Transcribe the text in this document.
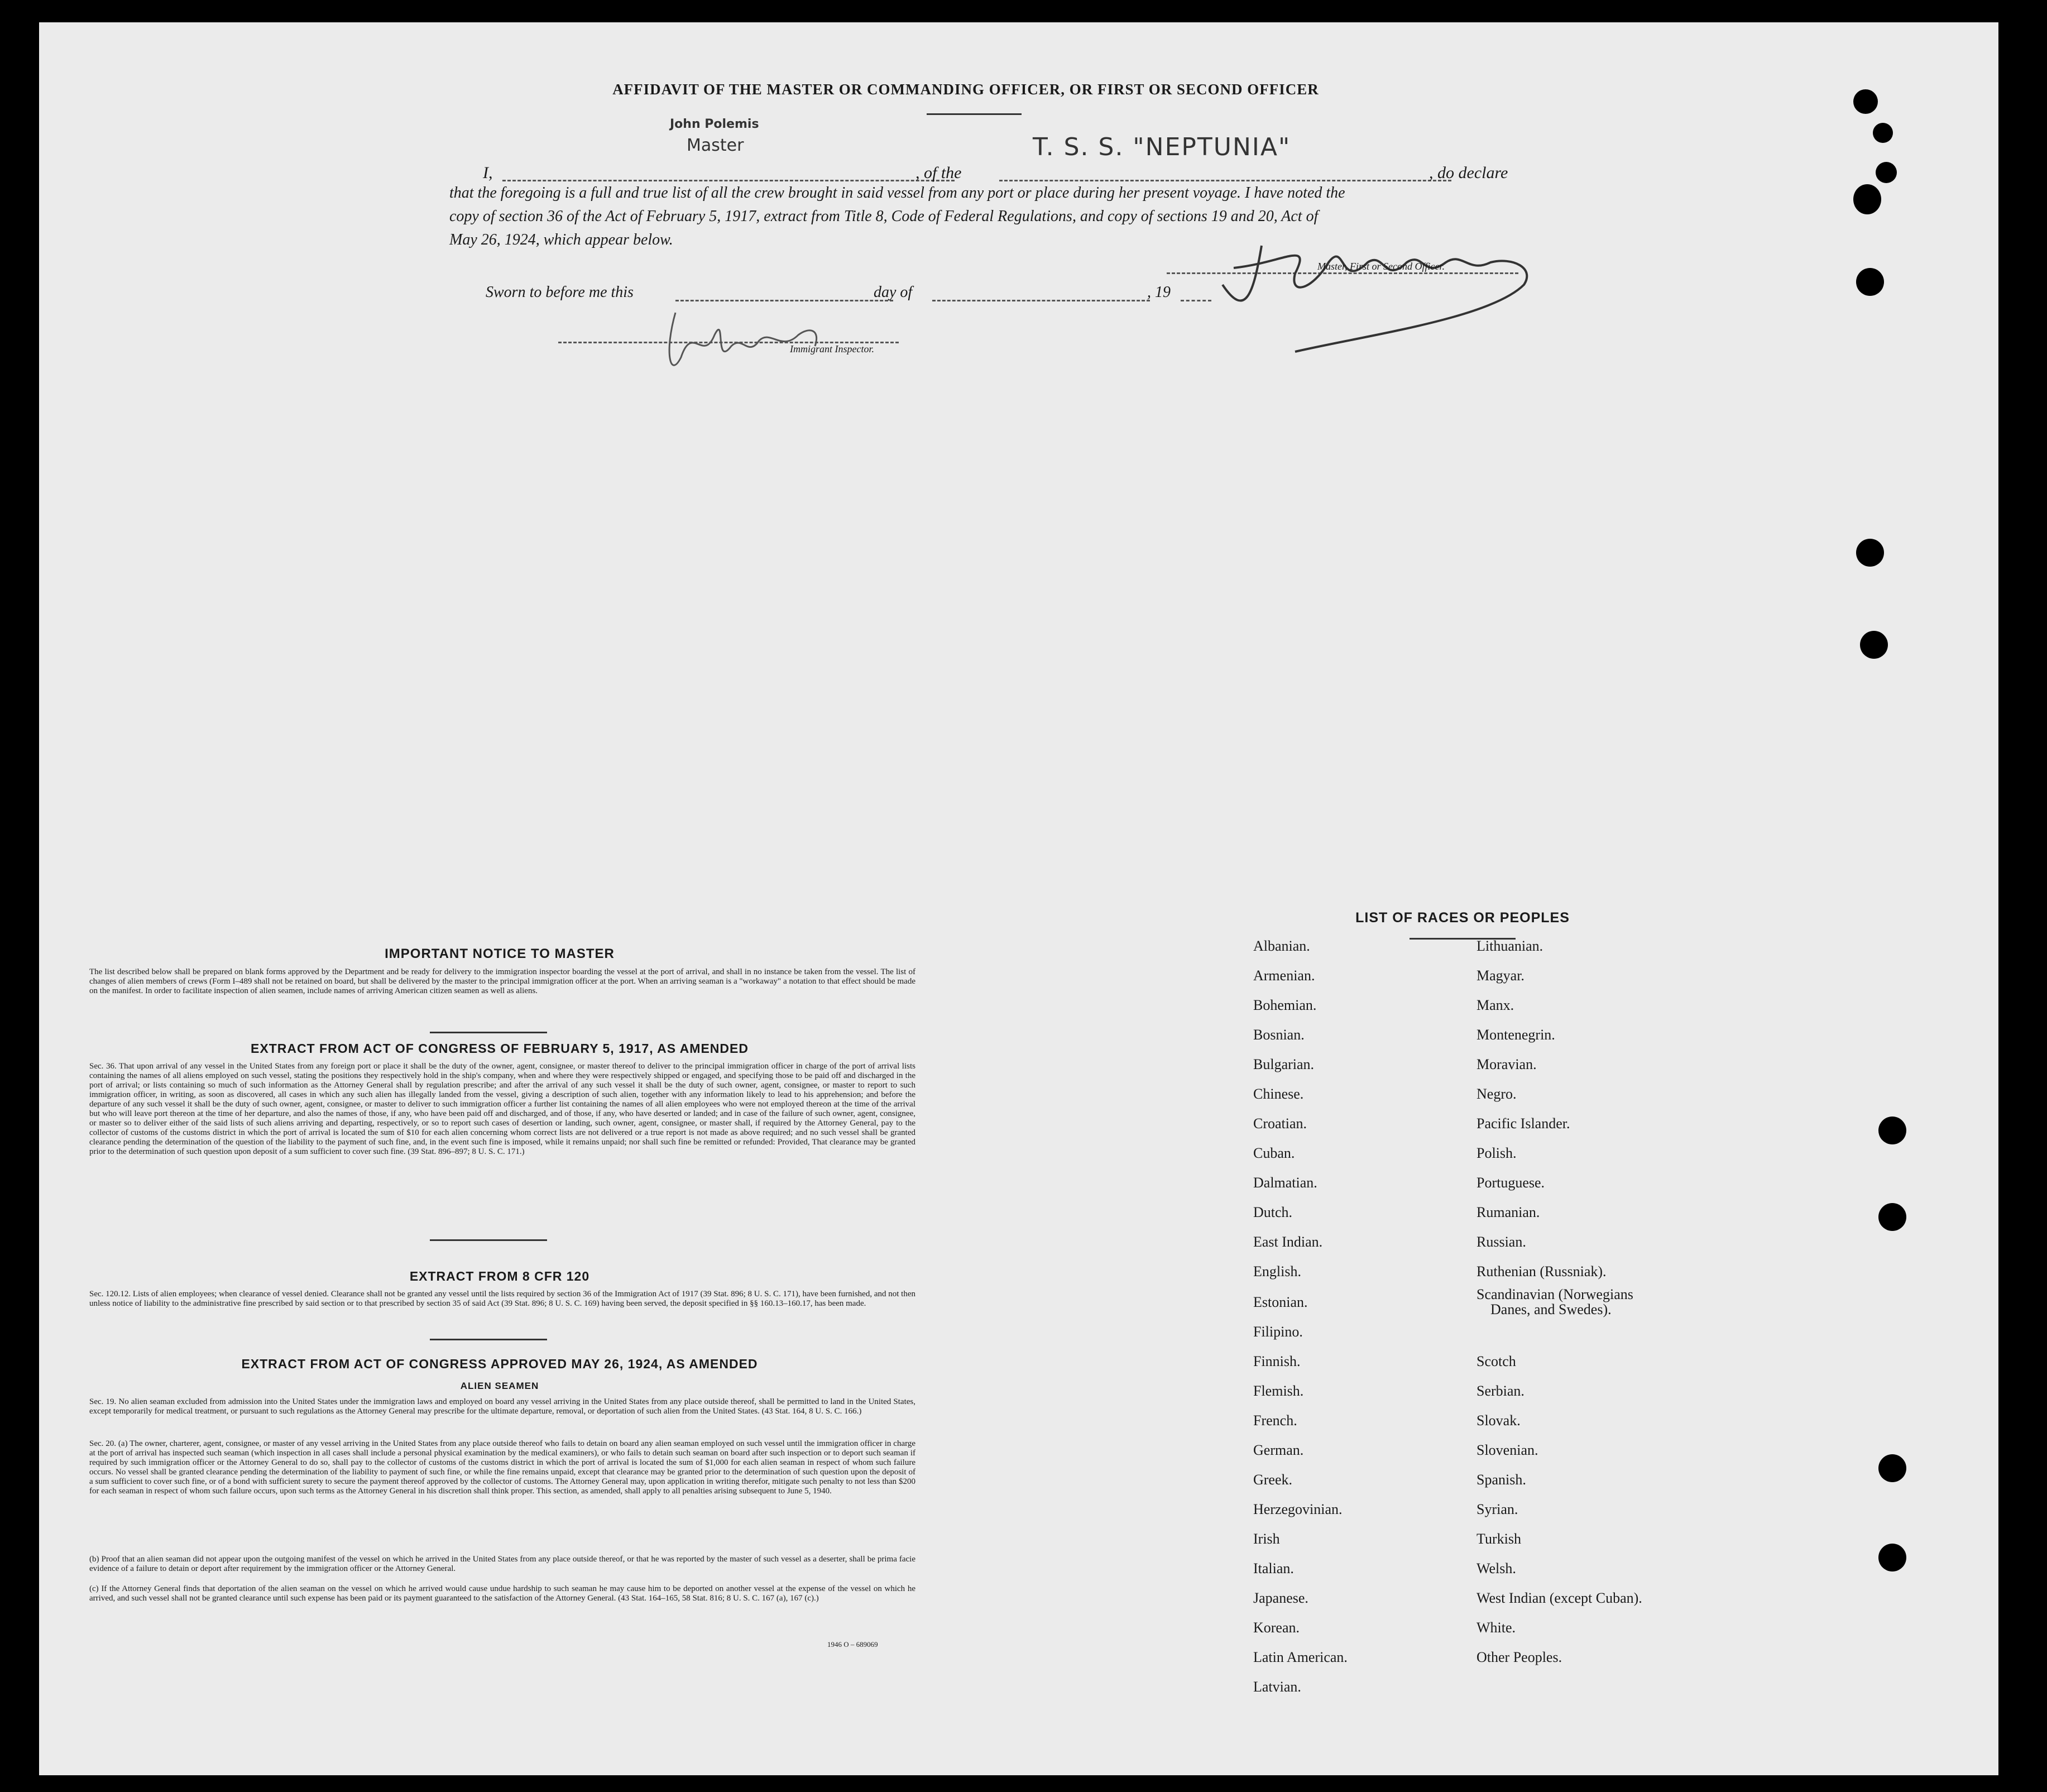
AFFIDAVIT OF THE MASTER OR COMMANDING OFFICER, OR FIRST OR SECOND OFFICER
I,
John Polemis
Master
, of the
T. S. S. "NEPTUNIA"
, do declare
that the foregoing is a full and true list of all the crew brought in said vessel from any port or place during her present voyage. I have noted the
copy of section 36 of the Act of February 5, 1917, extract from Title 8, Code of Federal Regulations, and copy of sections 19 and 20, Act of
May 26, 1924, which appear below.
Master, First or Second Officer.
Sworn to before me this	day of	, 19
Immigrant Inspector.
IMPORTANT NOTICE TO MASTER
The list described below shall be prepared on blank forms approved by the Department and be ready for delivery to the immigration inspector boarding the vessel at the port of arrival, and shall in no instance be taken from the vessel. The list of changes of alien members of crews (Form I–489 shall not be retained on board, but shall be delivered by the master to the principal immigration officer at the port. When an arriving seaman is a "workaway" a notation to that effect should be made on the manifest. In order to facilitate inspection of alien seamen, include names of arriving American citizen seamen as well as aliens.
EXTRACT FROM ACT OF CONGRESS OF FEBRUARY 5, 1917, AS AMENDED
Sec. 36. That upon arrival of any vessel in the United States from any foreign port or place it shall be the duty of the owner, agent, consignee, or master thereof to deliver to the principal immigration officer in charge of the port of arrival lists containing the names of all aliens employed on such vessel, stating the positions they respectively hold in the ship's company, when and where they were respectively shipped or engaged, and specifying those to be paid off and discharged in the port of arrival; or lists containing so much of such information as the Attorney General shall by regulation prescribe; and after the arrival of any such vessel it shall be the duty of such owner, agent, consignee, or master to report to such immigration officer, in writing, as soon as discovered, all cases in which any such alien has illegally landed from the vessel, giving a description of such alien, together with any information likely to lead to his apprehension; and before the departure of any such vessel it shall be the duty of such owner, agent, consignee, or master to deliver to such immigration officer a further list containing the names of all alien employees who were not employed thereon at the time of the arrival but who will leave port thereon at the time of her departure, and also the names of those, if any, who have been paid off and discharged, and of those, if any, who have deserted or landed; and in case of the failure of such owner, agent, consignee, or master so to deliver either of the said lists of such aliens arriving and departing, respectively, or so to report such cases of desertion or landing, such owner, agent, consignee, or master shall, if required by the Attorney General, pay to the collector of customs of the customs district in which the port of arrival is located the sum of $10 for each alien concerning whom correct lists are not delivered or a true report is not made as above required; and no such vessel shall be granted clearance pending the determination of the question of the liability to the payment of such fine, and, in the event such fine is imposed, while it remains unpaid; nor shall such fine be remitted or refunded: Provided, That clearance may be granted prior to the determination of such question upon deposit of a sum sufficient to cover such fine. (39 Stat. 896–897; 8 U. S. C. 171.)
EXTRACT FROM 8 CFR 120
Sec. 120.12. Lists of alien employees; when clearance of vessel denied. Clearance shall not be granted any vessel until the lists required by section 36 of the Immigration Act of 1917 (39 Stat. 896; 8 U. S. C. 171), have been furnished, and not then unless notice of liability to the administrative fine prescribed by said section or to that prescribed by section 35 of said Act (39 Stat. 896; 8 U. S. C. 169) having been served, the deposit specified in §§ 160.13–160.17, has been made.
EXTRACT FROM ACT OF CONGRESS APPROVED MAY 26, 1924, AS AMENDED
ALIEN SEAMEN
Sec. 19. No alien seaman excluded from admission into the United States under the immigration laws and employed on board any vessel arriving in the United States from any place outside thereof, shall be permitted to land in the United States, except temporarily for medical treatment, or pursuant to such regulations as the Attorney General may prescribe for the ultimate departure, removal, or deportation of such alien from the United States. (43 Stat. 164, 8 U. S. C. 166.)
Sec. 20. (a) The owner, charterer, agent, consignee, or master of any vessel arriving in the United States from any place outside thereof who fails to detain on board any alien seaman employed on such vessel until the immigration officer in charge at the port of arrival has inspected such seaman (which inspection in all cases shall include a personal physical examination by the medical examiners), or who fails to detain such seaman on board after such inspection or to deport such seaman if required by such immigration officer or the Attorney General to do so, shall pay to the collector of customs of the customs district in which the port of arrival is located the sum of $1,000 for each alien seaman in respect of whom such failure occurs. No vessel shall be granted clearance pending the determination of the liability to payment of such fine, or while the fine remains unpaid, except that clearance may be granted prior to the determination of such question upon the deposit of a sum sufficient to cover such fine, or of a bond with sufficient surety to secure the payment thereof approved by the collector of customs. The Attorney General may, upon application in writing therefor, mitigate such penalty to not less than $200 for each seaman in respect of whom such failure occurs, upon such terms as the Attorney General in his discretion shall think proper. This section, as amended, shall apply to all penalties arising subsequent to June 5, 1940.
(b) Proof that an alien seaman did not appear upon the outgoing manifest of the vessel on which he arrived in the United States from any place outside thereof, or that he was reported by the master of such vessel as a deserter, shall be prima facie evidence of a failure to detain or deport after requirement by the immigration officer or the Attorney General.
(c) If the Attorney General finds that deportation of the alien seaman on the vessel on which he arrived would cause undue hardship to such seaman he may cause him to be deported on another vessel at the expense of the vessel on which he arrived, and such vessel shall not be granted clearance until such expense has been paid or its payment guaranteed to the satisfaction of the Attorney General. (43 Stat. 164–165, 58 Stat. 816; 8 U. S. C. 167 (a), 167 (c).)
1946 O – 689069
LIST OF RACES OR PEOPLES
Albanian.
Armenian.
Bohemian.
Bosnian.
Bulgarian.
Chinese.
Croatian.
Cuban.
Dalmatian.
Dutch.
East Indian.
English.
Estonian.
Filipino.
Finnish.
Flemish.
French.
German.
Greek.
Herzegovinian.
Irish
Italian.
Japanese.
Korean.
Latin American.
Latvian.
Lithuanian.
Magyar.
Manx.
Montenegrin.
Moravian.
Negro.
Pacific Islander.
Polish.
Portuguese.
Rumanian.
Russian.
Ruthenian (Russniak).
Scandinavian (Norwegians
Danes, and Swedes).
Scotch
Serbian.
Slovak.
Slovenian.
Spanish.
Syrian.
Turkish
Welsh.
West Indian (except Cuban).
White.
Other Peoples.
